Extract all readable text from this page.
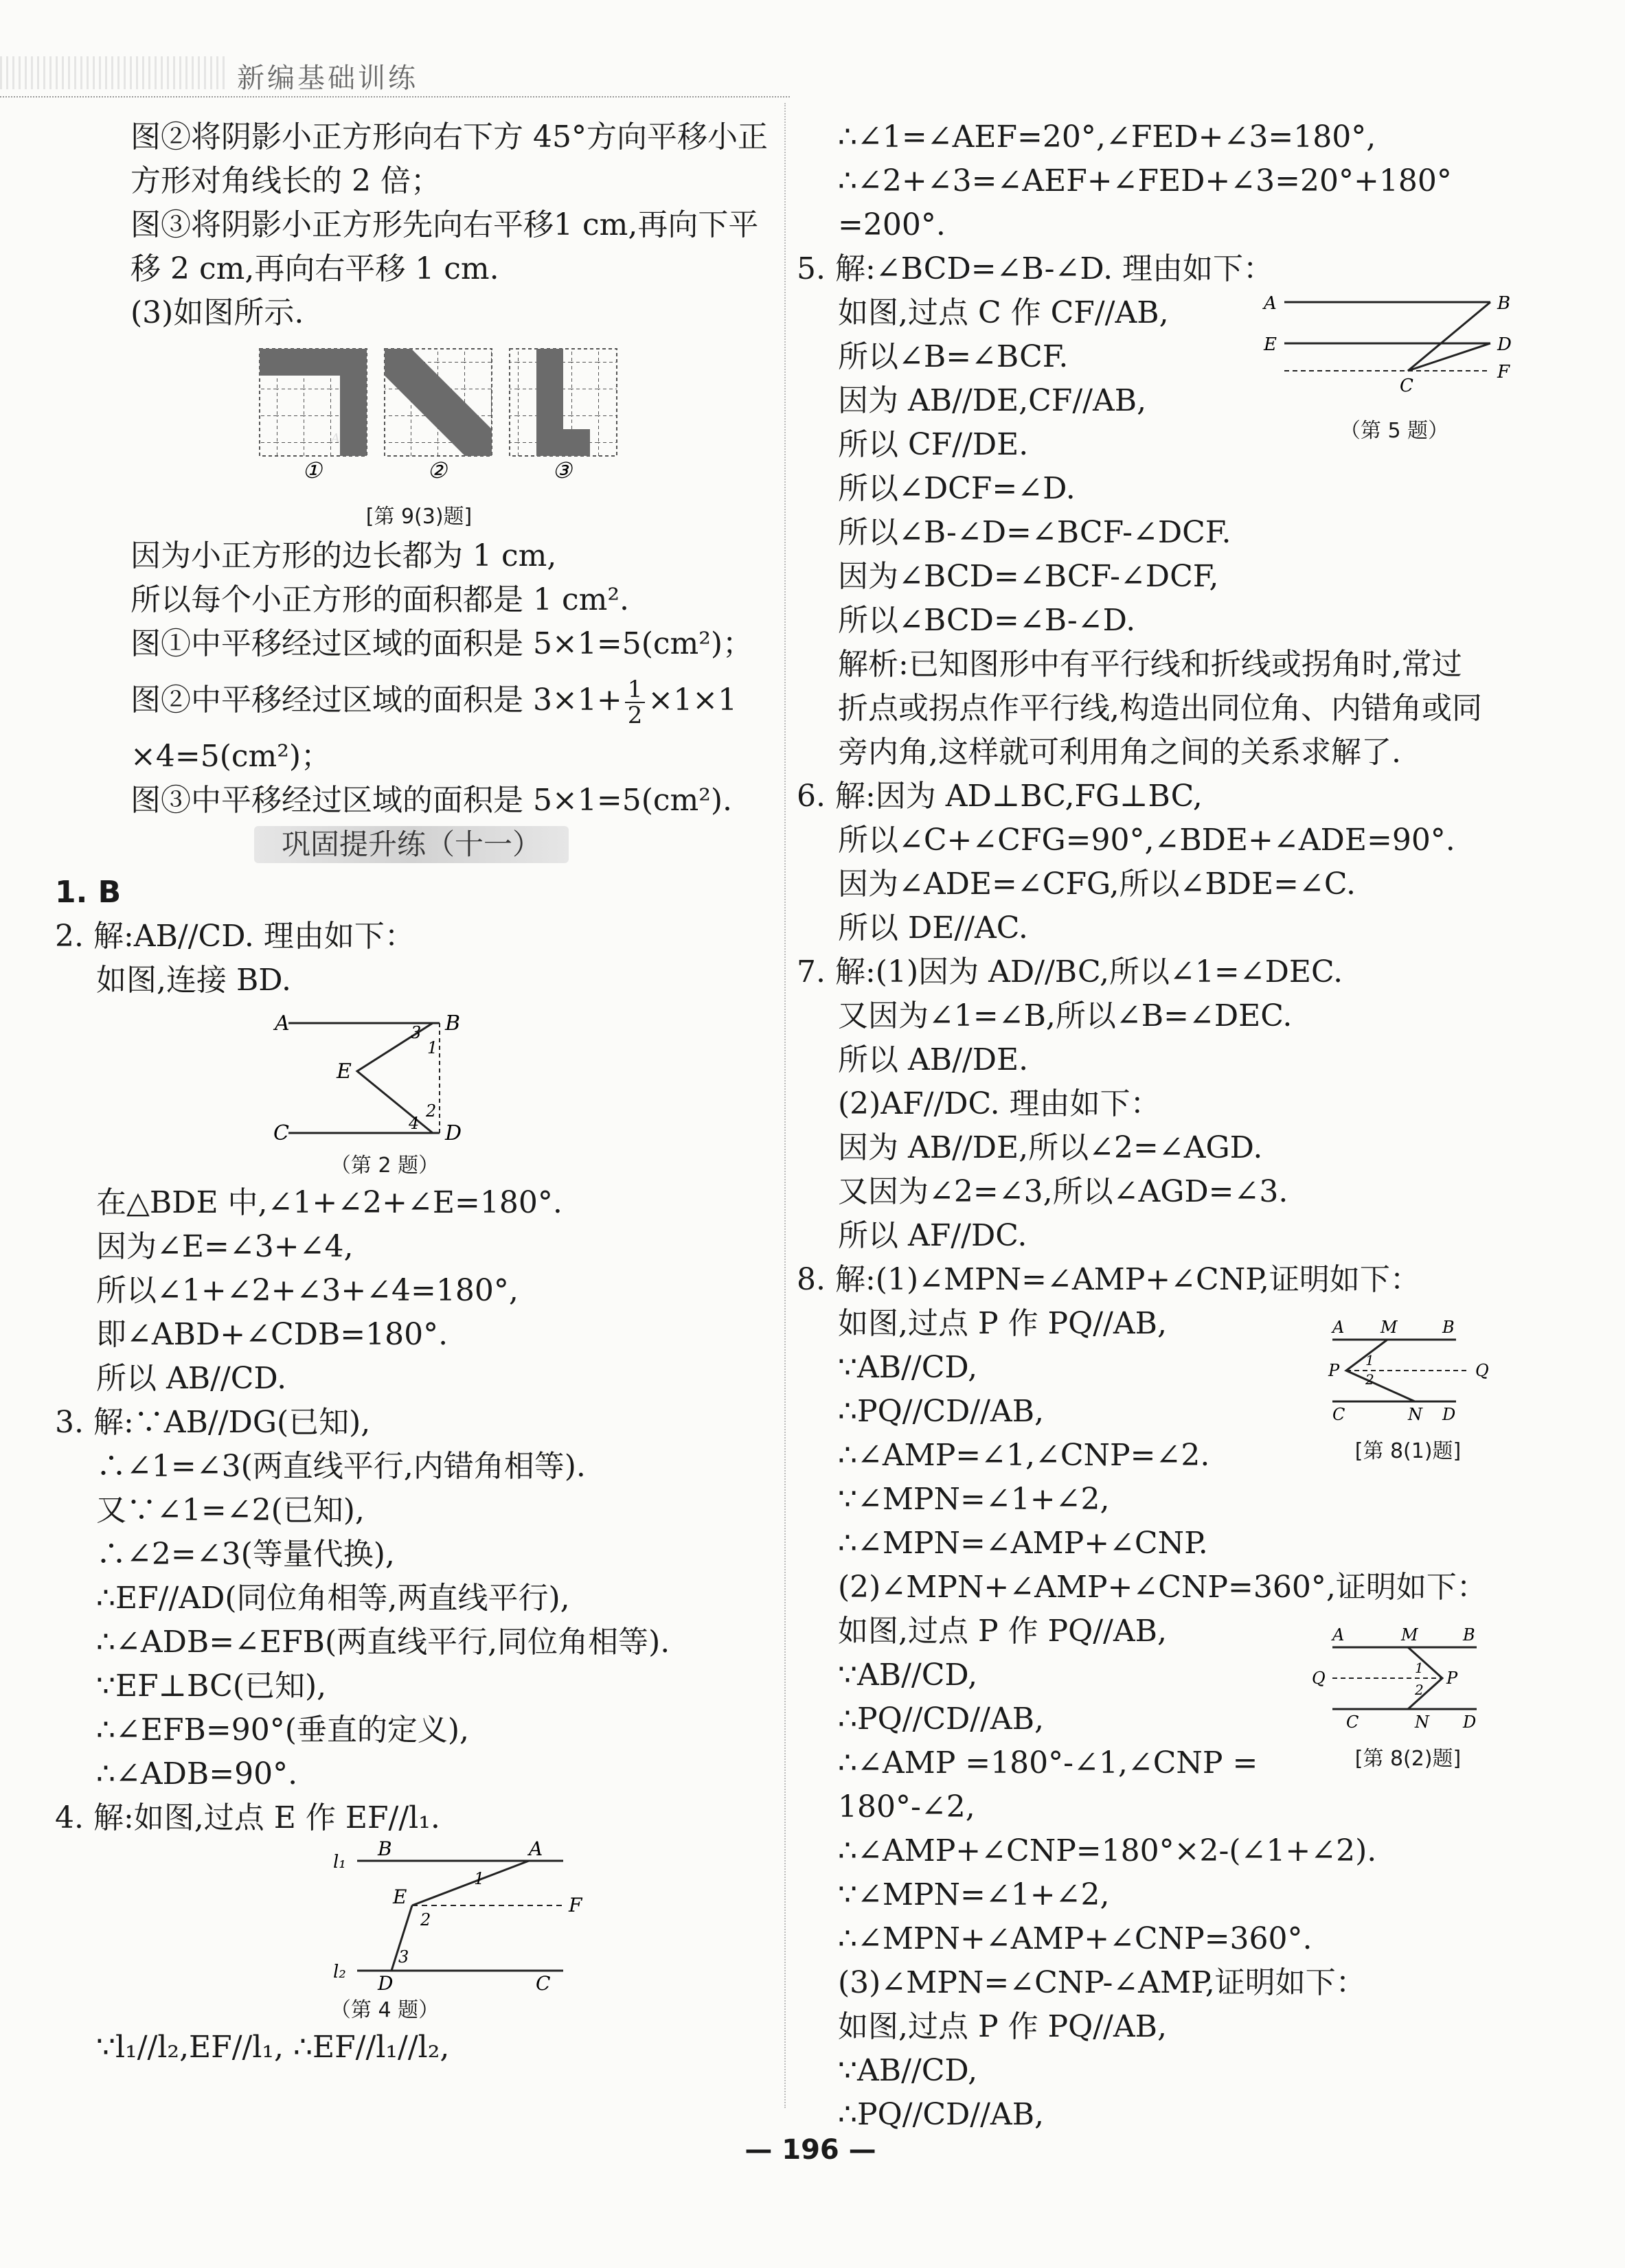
新编基础训练
图②将阴影小正方形向右下方 45°方向平移小正
方形对角线长的 2 倍；
图③将阴影小正方形先向右平移1 cm,再向下平
移 2 cm,再向右平移 1 cm.
(3)如图所示.
A
①	②	③
[第 9(3)题]
因为小正方形的边长都为 1 cm,
所以每个小正方形的面积都是 1 cm².
图①中平移经过区域的面积是 5×1=5(cm²)；
图②中平移经过区域的面积是 $3\times 1+ \frac{1}{2} \times 1\times 1$
×4=5(cm²)；
图③中平移经过区域的面积是 5×1=5(cm²).
巩固提升练（十一）
1. B
2. 解:AB//CD. 理由如下：
如图,连接 BD.
A	B
E
C	D
3
1
2
4
（第 2 题）
在△BDE 中,∠1+∠2+∠E=180°.
因为∠E=∠3+∠4,
所以∠1+∠2+∠3+∠4=180°,
即∠ABD+∠CDB=180°.
所以 AB//CD.
3. 解:∵AB//DG(已知),
∴∠1=∠3(两直线平行,内错角相等).
又∵∠1=∠2(已知),
∴∠2=∠3(等量代换),
∴EF//AD(同位角相等,两直线平行),
∴∠ADB=∠EFB(两直线平行,同位角相等).
∵EF⊥BC(已知),
∴∠EFB=90°(垂直的定义),
∴∠ADB=90°.
4. 解:如图,过点 E 作 EF//l₁.
l₁
B	A
1
E	F
2
3
l₂ D	C
（第 4 题）
∵l₁//l₂,EF//l₁, ∴EF//l₁//l₂,
∴∠1=∠AEF=20°,∠FED+∠3=180°,
∴∠2+∠3=∠AEF+∠FED+∠3=20°+180°
=200°.
5. 解:∠BCD=∠B-∠D. 理由如下：
如图,过点 C 作 CF//AB,
所以∠B=∠BCF.
因为 AB//DE,CF//AB,
所以 CF//DE.
所以∠DCF=∠D.
所以∠B-∠D=∠BCF-∠DCF.
因为∠BCD=∠BCF-∠DCF,
所以∠BCD=∠B-∠D.
解析:已知图形中有平行线和折线或拐角时,常过
折点或拐点作平行线,构造出同位角、内错角或同
旁内角,这样就可利用角之间的关系求解了.
A	B
E	D
C
F
（第 5 题）
6. 解:因为 AD⊥BC,FG⊥BC,
所以∠C+∠CFG=90°,∠BDE+∠ADE=90°.
因为∠ADE=∠CFG,所以∠BDE=∠C.
所以 DE//AC.
7. 解:(1)因为 AD//BC,所以∠1=∠DEC.
又因为∠1=∠B,所以∠B=∠DEC.
所以 AB//DE.
(2)AF//DC. 理由如下：
因为 AB//DE,所以∠2=∠AGD.
又因为∠2=∠3,所以∠AGD=∠3.
所以 AF//DC.
8. 解:(1)∠MPN=∠AMP+∠CNP,证明如下：
如图,过点 P 作 PQ//AB,
∵AB//CD,
∴PQ//CD//AB,
∴∠AMP=∠1,∠CNP=∠2.
∵∠MPN=∠1+∠2,
∴∠MPN=∠AMP+∠CNP.
(2)∠MPN+∠AMP+∠CNP=360°,证明如下：
如图,过点 P 作 PQ//AB,
∵AB//CD,
∴PQ//CD//AB,
∴∠AMP =180°-∠1,∠CNP =
180°-∠2,
∴∠AMP+∠CNP=180°×2-(∠1+∠2).
∵∠MPN=∠1+∠2,
∴∠MPN+∠AMP+∠CNP=360°.
(3)∠MPN=∠CNP-∠AMP,证明如下：
如图,过点 P 作 PQ//AB,
∵AB//CD,
∴PQ//CD//AB,
A M	B
P
1
2	Q
C	N D
[第 8(1)题]
A	M	B
Q
1
P
2
C	N D
[第 8(2)题]
— 196 —
